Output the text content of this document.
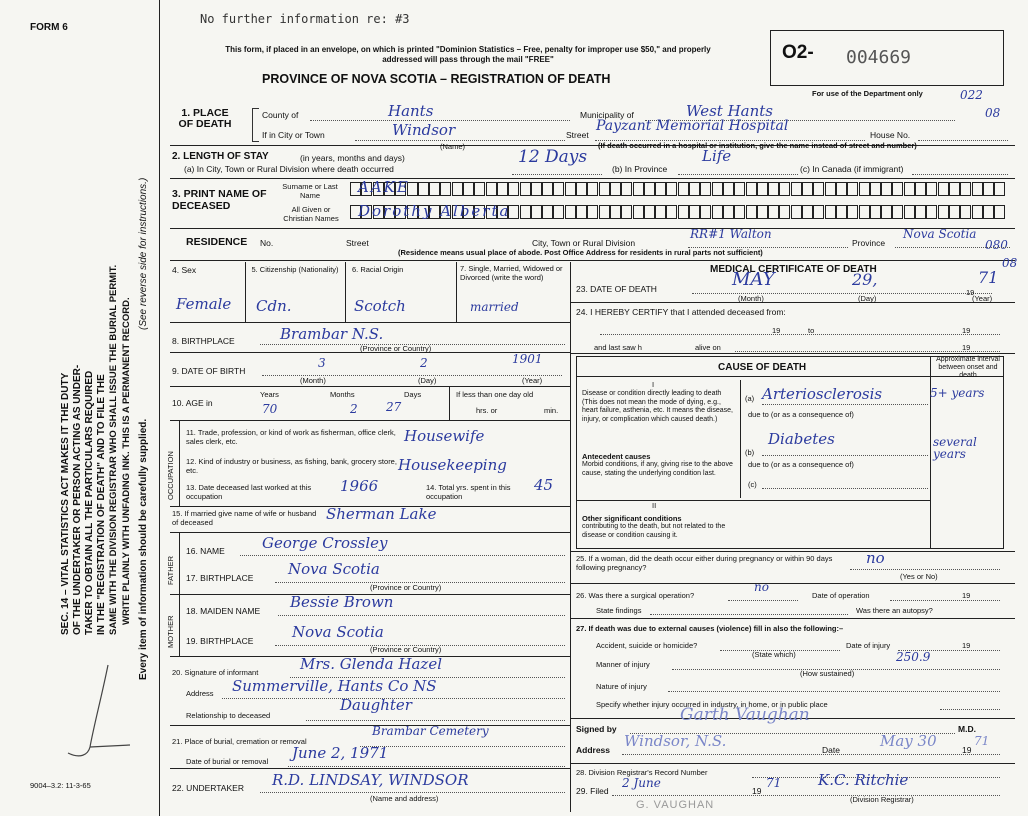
FORM 6
No further information re: #3
This form, if placed in an envelope, on which is printed "Dominion Statistics – Free, penalty for improper use $50," and properly addressed will pass through the mail "FREE"
PROVINCE OF NOVA SCOTIA – REGISTRATION OF DEATH
O2- 004669
For use of the Department only	022
08
080
08
SEC. 14 – VITAL STATISTICS ACT MAKES IT THE DUTY OF THE UNDERTAKER OR PERSON ACTING AS UNDER- TAKER TO OBTAIN ALL THE PARTICULARS REQUIRED IN THE "REGISTRATION OF DEATH" AND TO FILE THE SAME WITH THE DIVISION REGISTRAR WHO SHALL ISSUE THE BURIAL PERMIT. WRITE PLAINLY WITH UNFADING INK. THIS IS A PERMANENT RECORD. Every item of information should be carefully supplied.
(See reverse side for instructions.)
9004–3.2: 11-3-65
1. PLACE OF DEATH
County of	Hants	Municipality of	West Hants
If in City or Town	Windsor
(Name)
Street
Payzant Memorial Hospital
House No.
(If death occurred in a hospital or institution, give the name instead of street and number)
2. LENGTH OF STAY	(in years, months and days)
(a) In City, Town or Rural Division where death occurred
12 Days
(b) In Province
Life
(c) In Canada (if immigrant)
3. PRINT NAME OF DECEASED
Surname or Last Name
All Given or Christian Names
AAKE
Dorothy Alberta
RESIDENCE No.	Street	City, Town or Rural Division
RR#1 Walton
Province
Nova Scotia
(Residence means usual place of abode. Post Office Address for residents in rural parts not sufficient)
4. Sex
Female
5. Citizenship (Nationality)
Cdn.
6. Racial Origin
Scotch
7. Single, Married, Widowed or Divorced (write the word)
married
8. BIRTHPLACE	Brambar N.S.
(Province or Country)
9. DATE OF BIRTH
3	2	1901
(Month)	(Day)	(Year)
10. AGE in
Years	Months	Days
70	2 27
If less than one day old
hrs. or	min.
OCCUPATION
11. Trade, profession, or kind of work as fisherman, office clerk, sales clerk, etc.	Housewife
12. Kind of industry or business, as fishing, bank, grocery store, etc.	Housekeeping
13. Date deceased last worked at this occupation
1966	14. Total yrs. spent in this occupation
45
15. If married give name of wife or husband of deceased	Sherman Lake
FATHER
MOTHER
16. NAME George Crossley
17. BIRTHPLACE Nova Scotia
(Province or Country)
18. MAIDEN NAME Bessie Brown
19. BIRTHPLACE	Nova Scotia
(Province or Country)
20. Signature of informant	Mrs. Glenda Hazel
Address Summerville, Hants Co NS
Relationship to deceased
Daughter
21. Place of burial, cremation or removal
Brambar Cemetery
Date of burial or removal June 2, 1971
22. UNDERTAKER R.D. LINDSAY, WINDSOR
(Name and address)
MEDICAL CERTIFICATE OF DEATH
23. DATE OF DEATH	MAY	29,	71
(Month)	(Day)
19
(Year)
24. I HEREBY CERTIFY that I attended deceased from:
19	to	19
and last saw h	alive on	19
CAUSE OF DEATH
Approximate interval between onset and death
I
Disease or condition directly leading to death (This does not mean the mode of dying, e.g., heart failure, asthenia, etc. It means the disease, injury, or complication which caused death.)
(a) Arteriosclerosis	5+ years
due to (or as a consequence of)
Antecedent causes
Morbid conditions, if any, giving rise to the above cause, stating the underlying condition last.
(b)
Diabetes	several years
due to (or as a consequence of)
(c)
II
Other significant conditions
contributing to the death, but not related to the disease or condition causing it.
25. If a woman, did the death occur either during pregnancy or within 90 days following pregnancy?
no
(Yes or No)
26. Was there a surgical operation?
no
Date of operation	19
State findings	Was there an autopsy?
27. If death was due to external causes (violence) fill in also the following:–
Accident, suicide or homicide?
(State which)
Date of injury	19
Manner of injury
250.9
(How sustained)
Nature of injury
Specify whether injury occurred in industry, in home, or in public place
Signed by
Garth Vaughan
M.D.
Address Windsor, N.S.	Date	May 30	19
71
28. Division Registrar's Record Number
29. Filed
2 June
19
71 K.C. Ritchie
(Division Registrar)
G. VAUGHAN
